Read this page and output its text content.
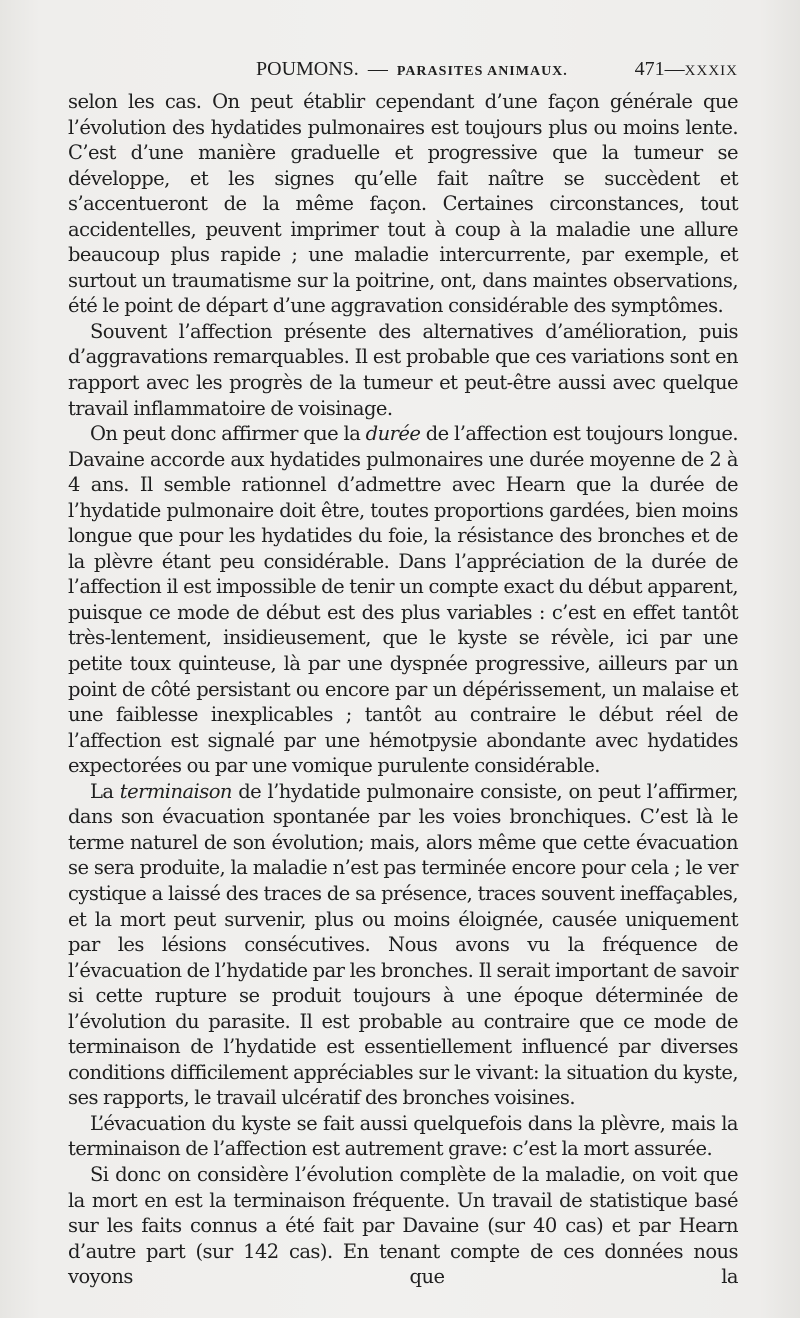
POUMONS. — PARASITES ANIMAUX.	471—XXXIX

selon les cas. On peut établir cependant d’une façon générale que l’évolution des hydatides pulmonaires est toujours plus ou moins lente. C’est d’une manière graduelle et progressive que la tumeur se développe, et les signes qu’elle fait naître se succèdent et s’accentueront de la même façon. Certaines circonstances, tout accidentelles, peuvent imprimer tout à coup à la maladie une allure beaucoup plus rapide ; une maladie intercurrente, par exemple, et surtout un traumatisme sur la poitrine, ont, dans maintes observations, été le point de départ d’une aggravation considérable des symptômes.

Souvent l’affection présente des alternatives d’amélioration, puis d’aggravations remarquables. Il est probable que ces variations sont en rapport avec les progrès de la tumeur et peut-être aussi avec quelque travail inflammatoire de voisinage.

On peut donc affirmer que la durée de l’affection est toujours longue. Davaine accorde aux hydatides pulmonaires une durée moyenne de 2 à 4 ans. Il semble rationnel d’admettre avec Hearn que la durée de l’hydatide pulmonaire doit être, toutes proportions gardées, bien moins longue que pour les hydatides du foie, la résistance des bronches et de la plèvre étant peu considérable. Dans l’appréciation de la durée de l’affection il est impossible de tenir un compte exact du début apparent, puisque ce mode de début est des plus variables : c’est en effet tantôt très-lentement, insidieusement, que le kyste se révèle, ici par une petite toux quinteuse, là par une dyspnée progressive, ailleurs par un point de côté persistant ou encore par un dépérissement, un malaise et une faiblesse inexplicables ; tantôt au contraire le début réel de l’affection est signalé par une hémotpysie abondante avec hydatides expectorées ou par une vomique purulente considérable.

La terminaison de l’hydatide pulmonaire consiste, on peut l’affirmer, dans son évacuation spontanée par les voies bronchiques. C’est là le terme naturel de son évolution; mais, alors même que cette évacuation se sera produite, la maladie n’est pas terminée encore pour cela ; le ver cystique a laissé des traces de sa présence, traces souvent ineffaçables, et la mort peut survenir, plus ou moins éloignée, causée uniquement par les lésions consécutives. Nous avons vu la fréquence de l’évacuation de l’hydatide par les bronches. Il serait important de savoir si cette rupture se produit toujours à une époque déterminée de l’évolution du parasite. Il est probable au contraire que ce mode de terminaison de l’hydatide est essentiellement influencé par diverses conditions difficilement appréciables sur le vivant: la situation du kyste, ses rapports, le travail ulcératif des bronches voisines.

L’évacuation du kyste se fait aussi quelquefois dans la plèvre, mais la terminaison de l’affection est autrement grave: c’est la mort assurée.

Si donc on considère l’évolution complète de la maladie, on voit que la mort en est la terminaison fréquente. Un travail de statistique basé sur les faits connus a été fait par Davaine (sur 40 cas) et par Hearn d’autre part (sur 142 cas). En tenant compte de ces données nous voyons que la
